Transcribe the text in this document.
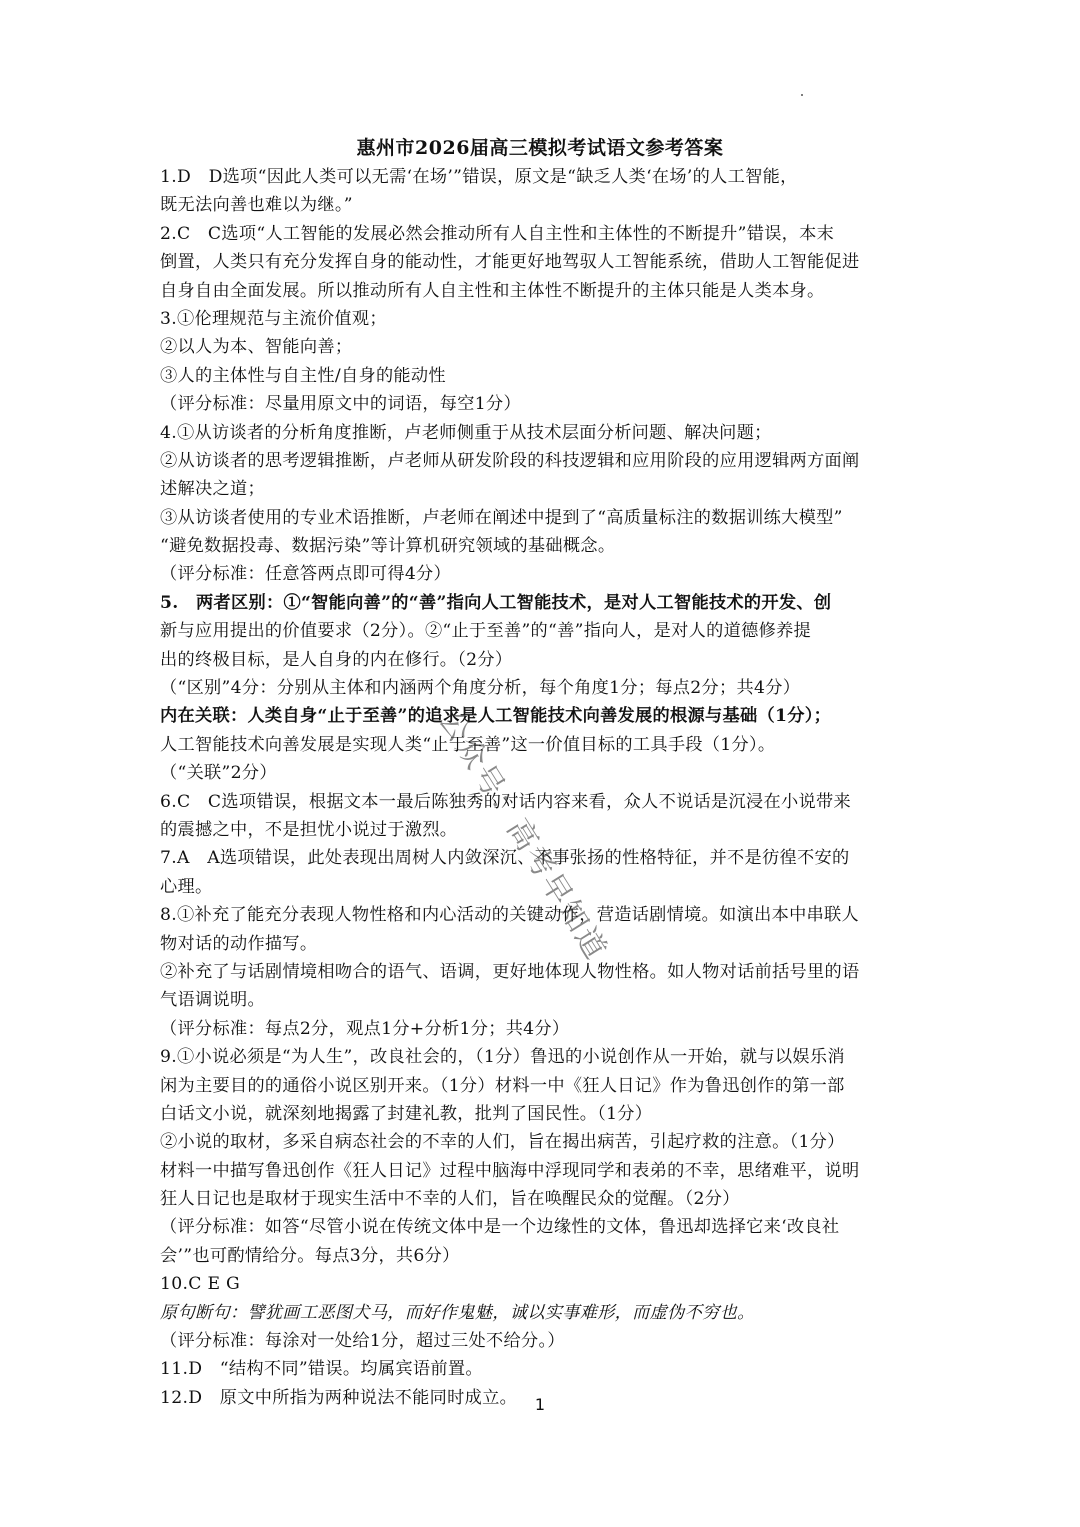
惠州市2026届高三模拟考试语文参考答案
1.D　D选项“因此人类可以无需‘在场’”错误，原文是“缺乏人类‘在场’的人工智能，
既无法向善也难以为继。”
2.C　C选项“人工智能的发展必然会推动所有人自主性和主体性的不断提升”错误，本末
倒置，人类只有充分发挥自身的能动性，才能更好地驾驭人工智能系统，借助人工智能促进
自身自由全面发展。所以推动所有人自主性和主体性不断提升的主体只能是人类本身。
3.①伦理规范与主流价值观；
②以人为本、智能向善；
③人的主体性与自主性/自身的能动性
（评分标准：尽量用原文中的词语，每空1分）
4.①从访谈者的分析角度推断，卢老师侧重于从技术层面分析问题、解决问题；
②从访谈者的思考逻辑推断，卢老师从研发阶段的科技逻辑和应用阶段的应用逻辑两方面阐
述解决之道；
③从访谈者使用的专业术语推断，卢老师在阐述中提到了“高质量标注的数据训练大模型”
“避免数据投毒、数据污染”等计算机研究领域的基础概念。
（评分标准：任意答两点即可得4分）
5.　两者区别：①“智能向善”的“善”指向人工智能技术，是对人工智能技术的开发、创
新与应用提出的价值要求（2分）。②“止于至善”的“善”指向人，是对人的道德修养提
出的终极目标，是人自身的内在修行。（2分）
（“区别”4分：分别从主体和内涵两个角度分析，每个角度1分；每点2分；共4分）
内在关联：人类自身“止于至善”的追求是人工智能技术向善发展的根源与基础（1分）；
人工智能技术向善发展是实现人类“止于至善”这一价值目标的工具手段（1分）。
（“关联”2分）
6.C　C选项错误，根据文本一最后陈独秀的对话内容来看，众人不说话是沉浸在小说带来
的震撼之中，不是担忧小说过于激烈。
7.A　A选项错误，此处表现出周树人内敛深沉、不事张扬的性格特征，并不是彷徨不安的
心理。
8.①补充了能充分表现人物性格和内心活动的关键动作，营造话剧情境。如演出本中串联人
物对话的动作描写。
②补充了与话剧情境相吻合的语气、语调，更好地体现人物性格。如人物对话前括号里的语
气语调说明。
（评分标准：每点2分，观点1分+分析1分；共4分）
9.①小说必须是“为人生”，改良社会的，（1分）鲁迅的小说创作从一开始，就与以娱乐消
闲为主要目的的通俗小说区别开来。（1分）材料一中《狂人日记》作为鲁迅创作的第一部
白话文小说，就深刻地揭露了封建礼教，批判了国民性。（1分）
②小说的取材，多采自病态社会的不幸的人们，旨在揭出病苦，引起疗救的注意。（1分）
材料一中描写鲁迅创作《狂人日记》过程中脑海中浮现同学和表弟的不幸，思绪难平，说明
狂人日记也是取材于现实生活中不幸的人们，旨在唤醒民众的觉醒。（2分）
（评分标准：如答“尽管小说在传统文体中是一个边缘性的文体，鲁迅却选择它来‘改良社
会’”也可酌情给分。每点3分，共6分）
10.C E G
原句断句：譬犹画工恶图犬马，而好作鬼魅，诚以实事难形，而虚伪不穷也。
（评分标准：每涂对一处给1分，超过三处不给分。）
11.D　“结构不同”错误。均属宾语前置。
12.D　原文中所指为两种说法不能同时成立。
公众号：高考早知道
1
